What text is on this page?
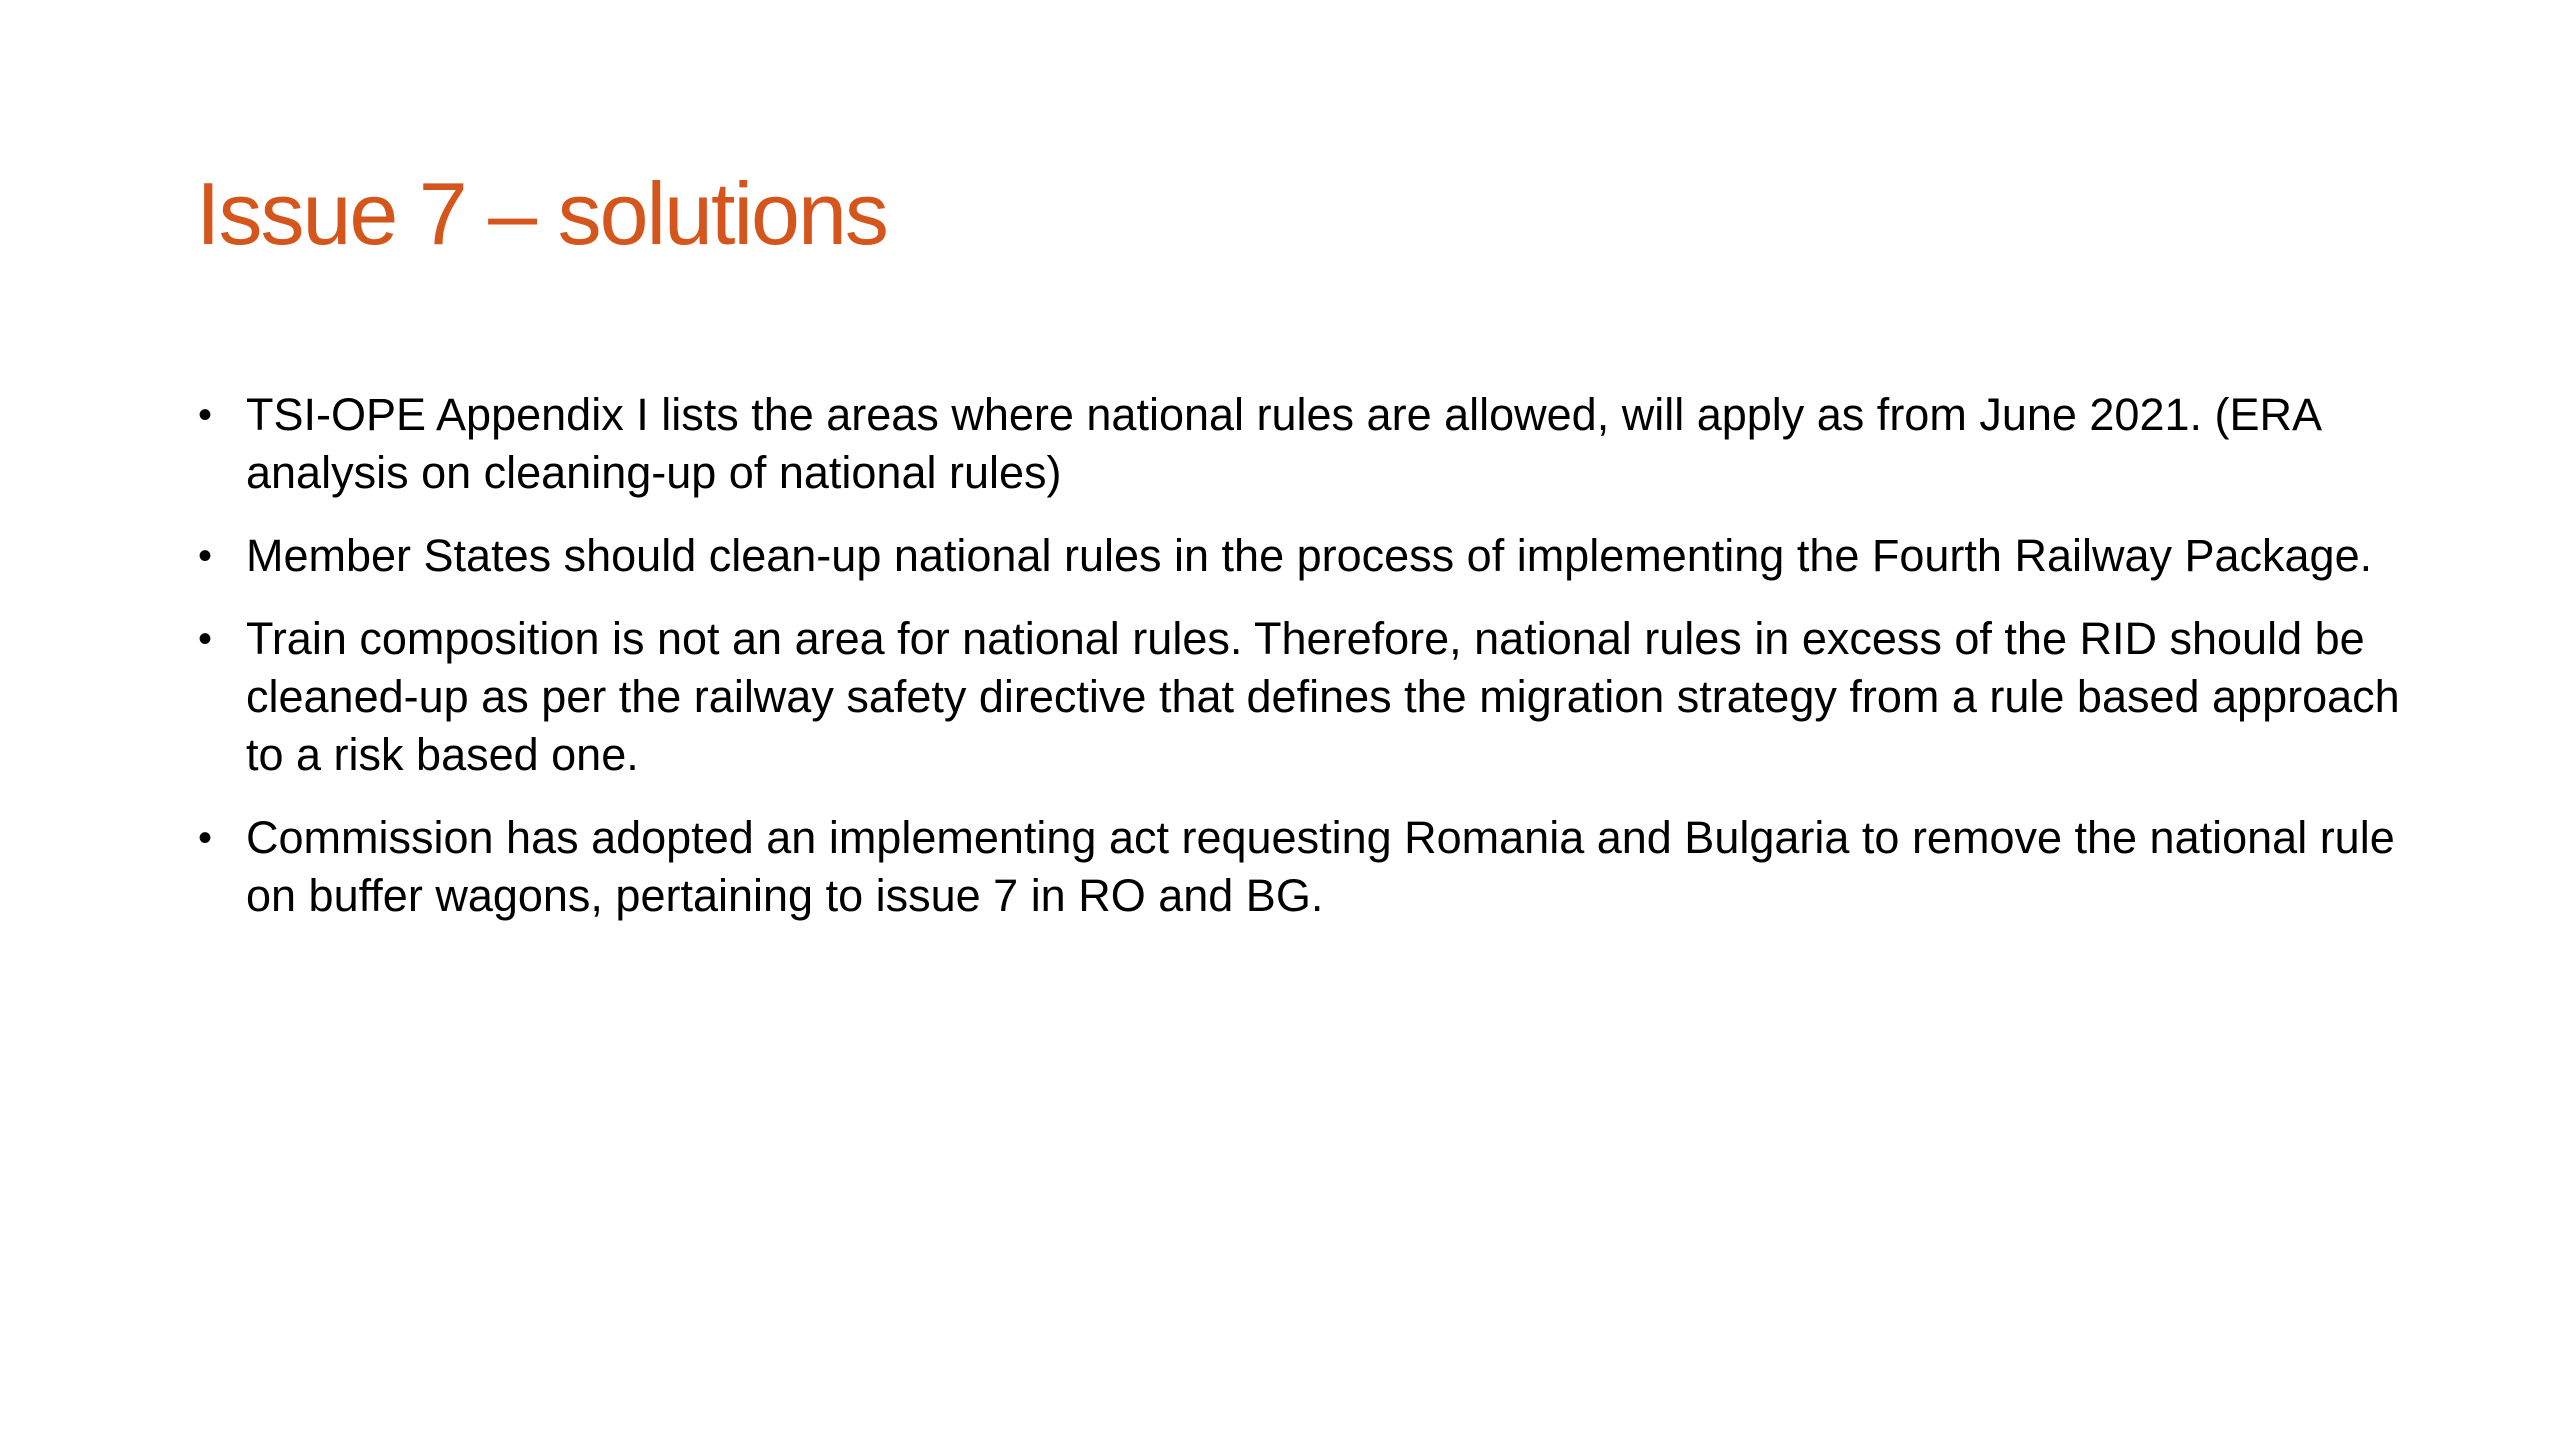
Issue 7 – solutions
• TSI-OPE Appendix I lists the areas where national rules are allowed, will apply as from June 2021. (ERA analysis on cleaning-up of national rules)
• Member States should clean-up national rules in the process of implementing the Fourth Railway Package.
• Train composition is not an area for national rules. Therefore, national rules in excess of the RID should be cleaned-up as per the railway safety directive that defines the migration strategy from a rule based approach to a risk based one.
• Commission has adopted an implementing act requesting Romania and Bulgaria to remove the national rule on buffer wagons, pertaining to issue 7 in RO and BG.
